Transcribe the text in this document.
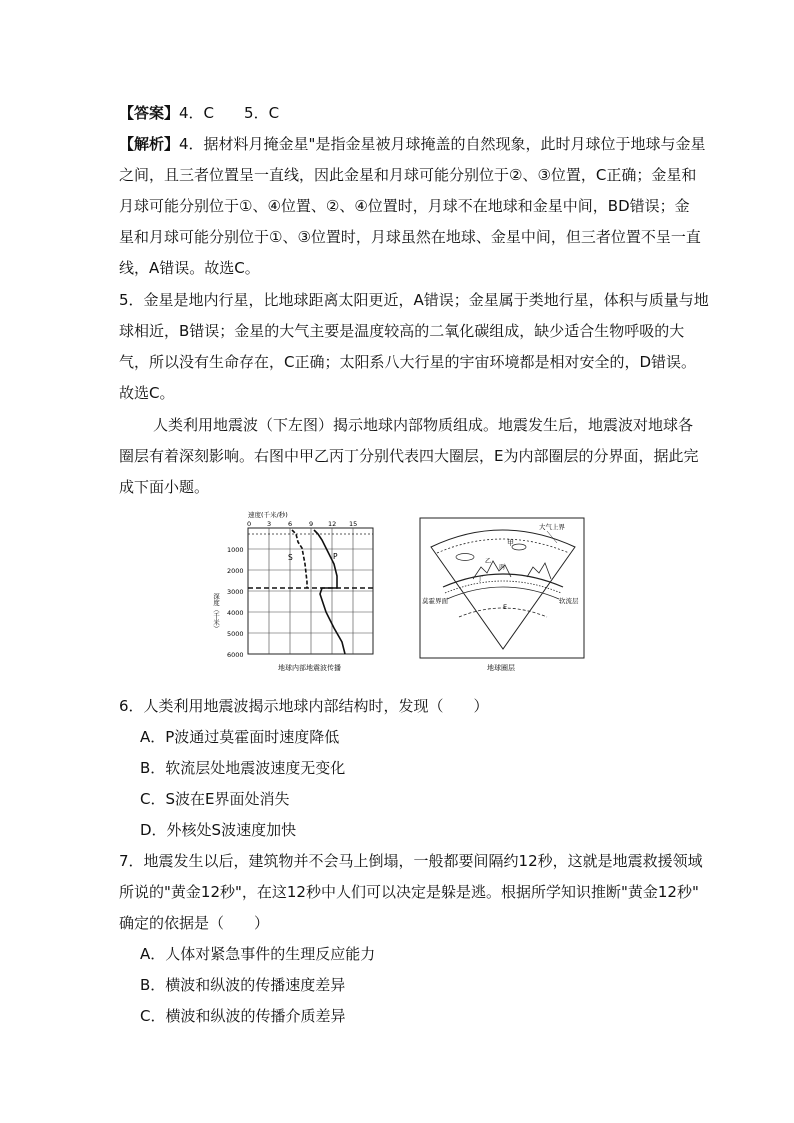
【答案】4．C　　5．C
【解析】4．据材料月掩金星"是指金星被月球掩盖的自然现象，此时月球位于地球与金星
之间，且三者位置呈一直线，因此金星和月球可能分别位于②、③位置，C正确；金星和
月球可能分别位于①、④位置、②、④位置时，月球不在地球和金星中间，BD错误；金
星和月球可能分别位于①、③位置时，月球虽然在地球、金星中间，但三者位置不呈一直
线，A错误。故选C。
5．金星是地内行星，比地球距离太阳更近，A错误；金星属于类地行星，体积与质量与地
球相近，B错误；金星的大气主要是温度较高的二氧化碳组成，缺少适合生物呼吸的大
气，所以没有生命存在，C正确；太阳系八大行星的宇宙环境都是相对安全的，D错误。
故选C。
人类利用地震波（下左图）揭示地球内部物质组成。地震发生后，地震波对地球各
圈层有着深刻影响。右图中甲乙丙丁分别代表四大圈层，E为内部圈层的分界面，据此完
成下面小题。
速度(千米/秒)
0 3	6	9 12 15
1000
2000
3000
4000
5000
6000
深度（千米）
S	P
地球内部地震波传播
大气上界
甲
乙
丙
丁
莫霍界面	软流层
E
地球圈层
6．人类利用地震波揭示地球内部结构时，发现（　　）
A．P波通过莫霍面时速度降低
B．软流层处地震波速度无变化
C．S波在E界面处消失
D．外核处S波速度加快
7．地震发生以后，建筑物并不会马上倒塌，一般都要间隔约12秒，这就是地震救援领域
所说的"黄金12秒"，在这12秒中人们可以决定是躲是逃。根据所学知识推断"黄金12秒"
确定的依据是（　　）
A．人体对紧急事件的生理反应能力
B．横波和纵波的传播速度差异
C．横波和纵波的传播介质差异
